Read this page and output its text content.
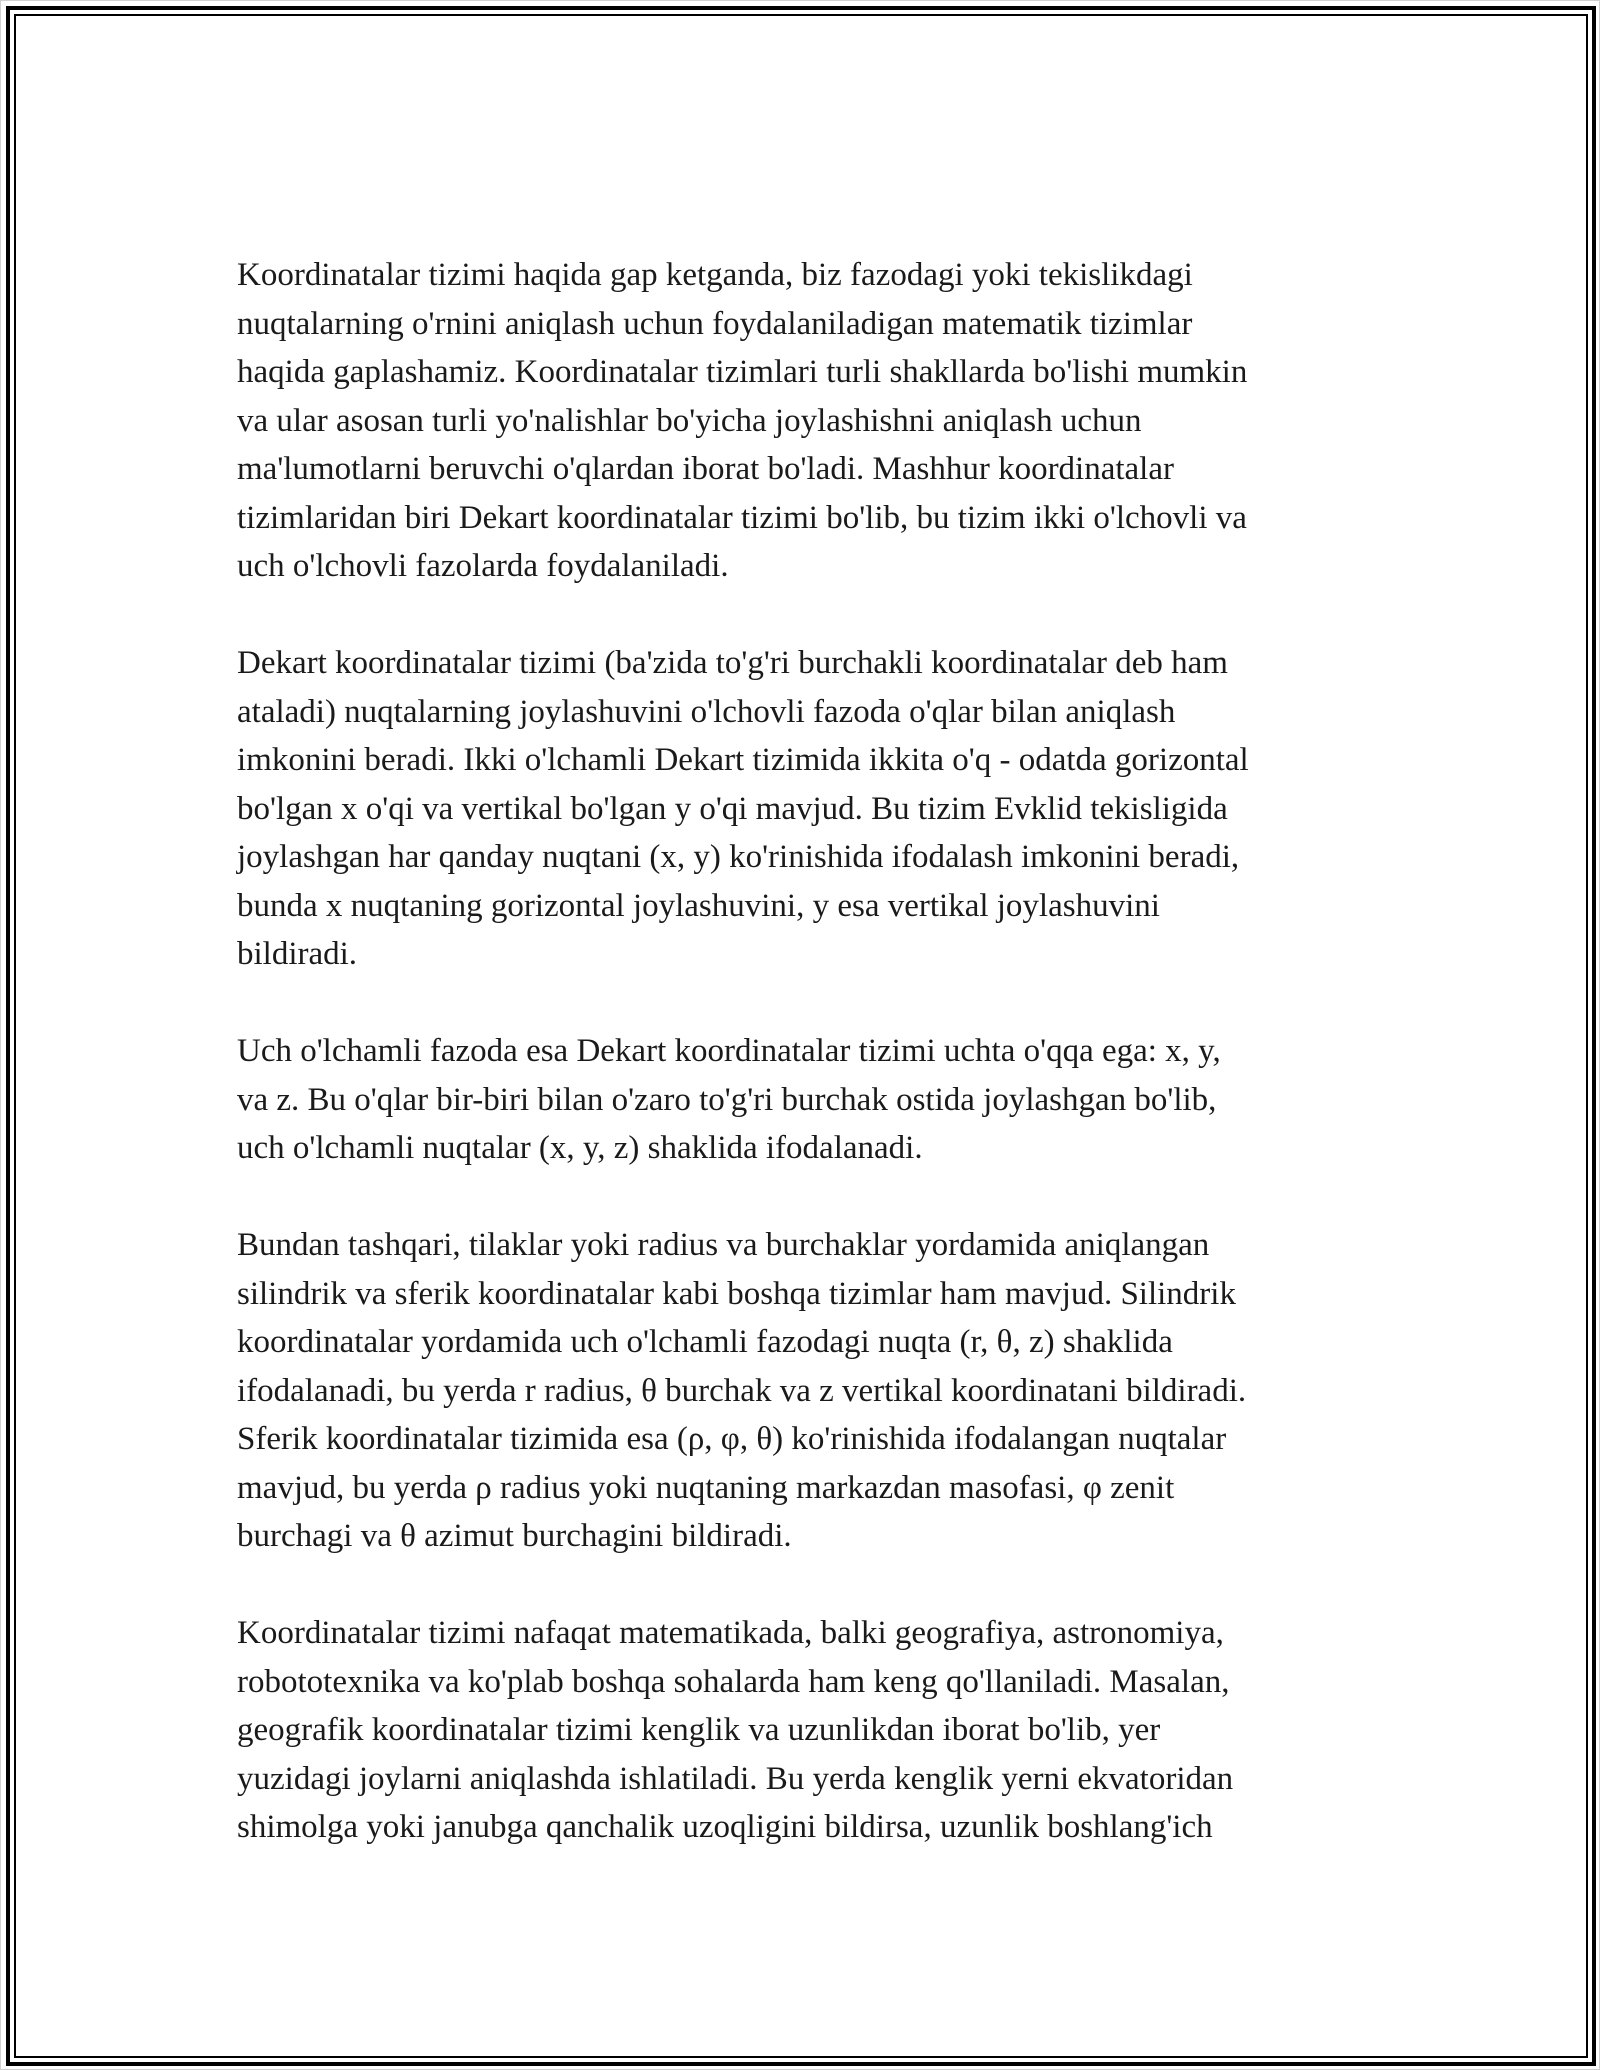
Koordinatalar tizimi haqida gap ketganda, biz fazodagi yoki tekislikdagi
nuqtalarning o'rnini aniqlash uchun foydalaniladigan matematik tizimlar
haqida gaplashamiz. Koordinatalar tizimlari turli shakllarda bo'lishi mumkin
va ular asosan turli yo'nalishlar bo'yicha joylashishni aniqlash uchun
ma'lumotlarni beruvchi o'qlardan iborat bo'ladi. Mashhur koordinatalar
tizimlaridan biri Dekart koordinatalar tizimi bo'lib, bu tizim ikki o'lchovli va
uch o'lchovli fazolarda foydalaniladi.

Dekart koordinatalar tizimi (ba'zida to'g'ri burchakli koordinatalar deb ham
ataladi) nuqtalarning joylashuvini o'lchovli fazoda o'qlar bilan aniqlash
imkonini beradi. Ikki o'lchamli Dekart tizimida ikkita o'q - odatda gorizontal
bo'lgan x o'qi va vertikal bo'lgan y o'qi mavjud. Bu tizim Evklid tekisligida
joylashgan har qanday nuqtani (x, y) ko'rinishida ifodalash imkonini beradi,
bunda x nuqtaning gorizontal joylashuvini, y esa vertikal joylashuvini
bildiradi.

Uch o'lchamli fazoda esa Dekart koordinatalar tizimi uchta o'qqa ega: x, y,
va z. Bu o'qlar bir-biri bilan o'zaro to'g'ri burchak ostida joylashgan bo'lib,
uch o'lchamli nuqtalar (x, y, z) shaklida ifodalanadi.

Bundan tashqari, tilaklar yoki radius va burchaklar yordamida aniqlangan
silindrik va sferik koordinatalar kabi boshqa tizimlar ham mavjud. Silindrik
koordinatalar yordamida uch o'lchamli fazodagi nuqta (r, θ, z) shaklida
ifodalanadi, bu yerda r radius, θ burchak va z vertikal koordinatani bildiradi.
Sferik koordinatalar tizimida esa (ρ, φ, θ) ko'rinishida ifodalangan nuqtalar
mavjud, bu yerda ρ radius yoki nuqtaning markazdan masofasi, φ zenit
burchagi va θ azimut burchagini bildiradi.

Koordinatalar tizimi nafaqat matematikada, balki geografiya, astronomiya,
robototexnika va ko'plab boshqa sohalarda ham keng qo'llaniladi. Masalan,
geografik koordinatalar tizimi kenglik va uzunlikdan iborat bo'lib, yer
yuzidagi joylarni aniqlashda ishlatiladi. Bu yerda kenglik yerni ekvatoridan
shimolga yoki janubga qanchalik uzoqligini bildirsa, uzunlik boshlang'ich
